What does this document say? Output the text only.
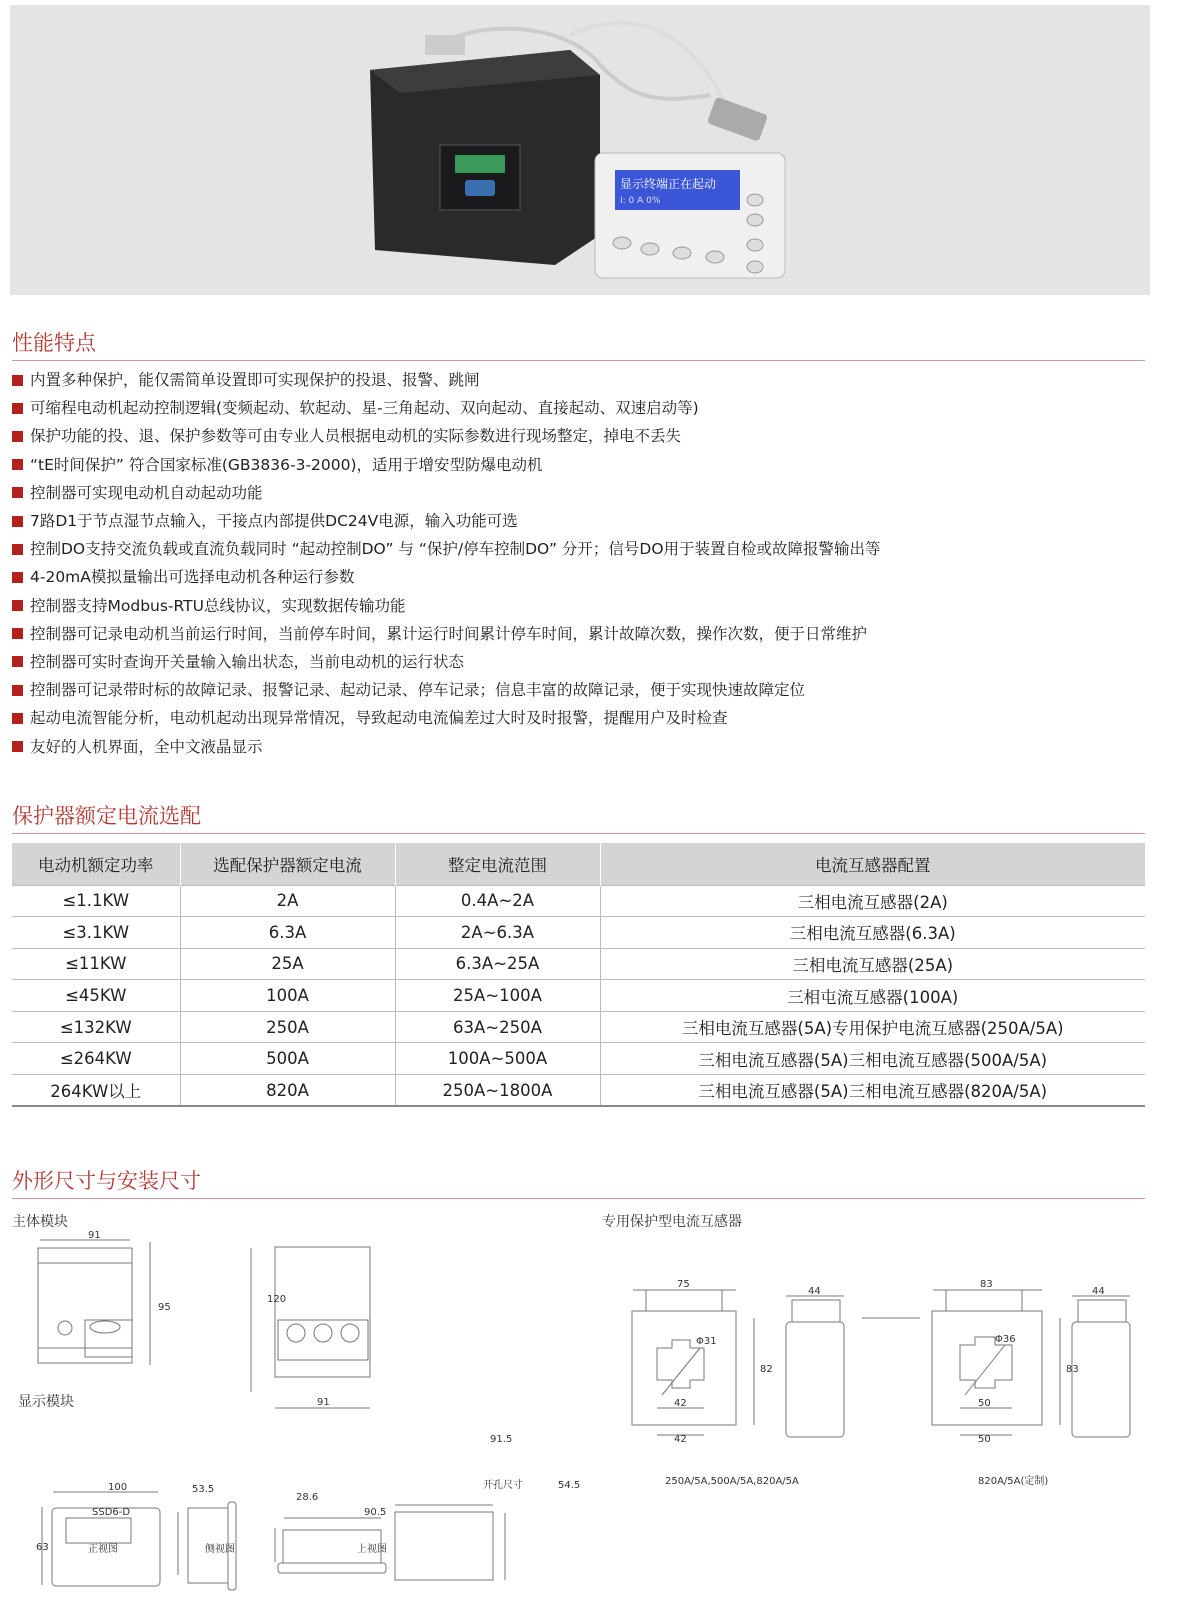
显示终端正在起动
I: 0 A 0%
性能特点
内置多种保护，能仅需简单设置即可实现保护的投退、报警、跳闸
可缩程电动机起动控制逻辑(变频起动、软起动、星-三角起动、双向起动、直接起动、双速启动等)
保护功能的投、退、保护参数等可由专业人员根据电动机的实际参数进行现场整定，掉电不丢失
“tE时间保护” 符合国家标准(GB3836-3-2000)，适用于增安型防爆电动机
控制器可实现电动机自动起动功能
7路D1于节点湿节点输入，干接点内部提供DC24V电源，输入功能可选
控制DO支持交流负载或直流负载同时 “起动控制DO” 与 “保护/停车控制DO” 分开；信号DO用于装置自检或故障报警输出等
4-20mA模拟量输出可选择电动机各种运行参数
控制器支持Modbus-RTU总线协议，实现数据传输功能
控制器可记录电动机当前运行时间，当前停车时间，累计运行时间累计停车时间，累计故障次数，操作次数，便于日常维护
控制器可实时查询开关量输入输出状态，当前电动机的运行状态
控制器可记录带时标的故障记录、报警记录、起动记录、停车记录；信息丰富的故障记录，便于实现快速故障定位
起动电流智能分析，电动机起动出现异常情况，导致起动电流偏差过大时及时报警，提醒用户及时检查
友好的人机界面，全中文液晶显示
保护器额定电流选配
电动机额定功率	选配保护器额定电流	整定电流范围	电流互感器配置
≤1.1KW	2A	0.4A~2A	三相电流互感器(2A)
≤3.1KW	6.3A	2A~6.3A	三相电流互感器(6.3A)
≤11KW	25A	6.3A~25A	三相电流互感器(25A)
≤45KW	100A	25A~100A	三相屯流互感器(100A)
≤132KW	250A	63A~250A	三相电流互感器(5A)专用保护电流互感器(250A/5A)
≤264KW	500A	100A~500A	三相电流互感器(5A)三相电流互感器(500A/5A)
264KW以上	820A	250A~1800A	三相电流互感器(5A)三相电流互感器(820A/5A)
外形尺寸与安装尺寸
主体模块
显示模块
专用保护型电流互感器
91
95
120
91
SSD6-D
100
63
53.5
90.5
28.6
91.5
54.5
开孔尺寸
正视图	侧视图	上视图
75
44
82
Φ31
42
42
250A/5A,500A/5A,820A/5A
83
44
83
Φ36
50
50
820A/5A(定制)
